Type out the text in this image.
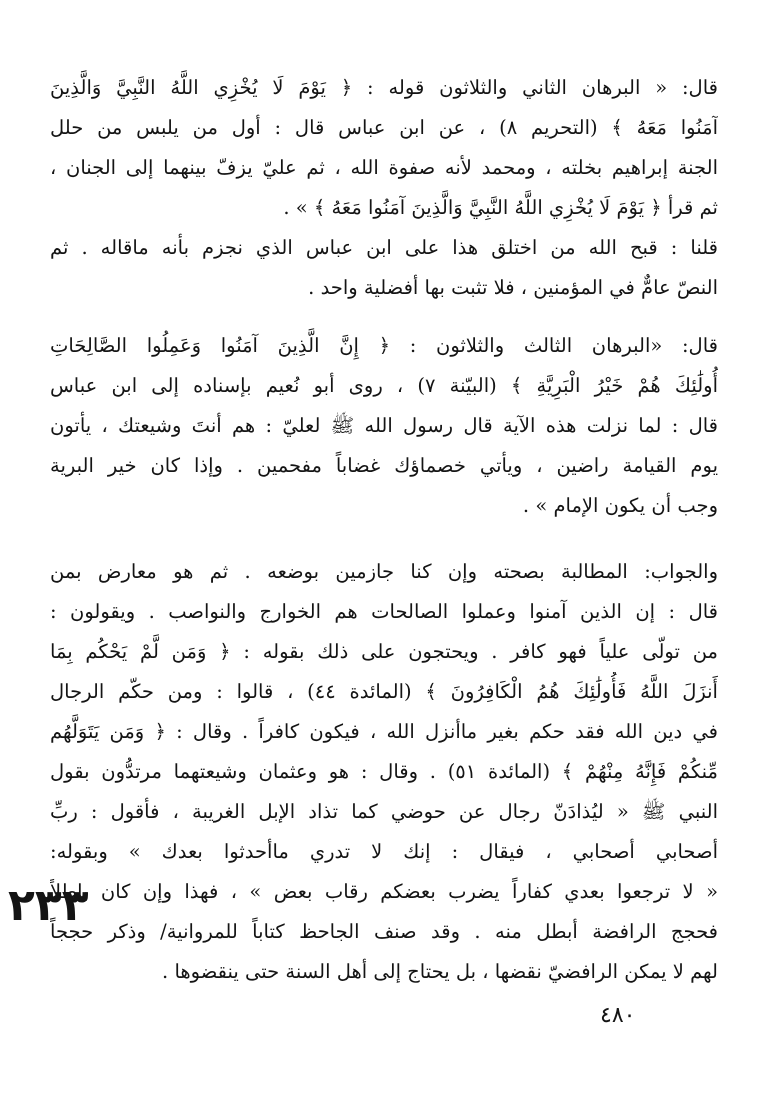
قال: « البرهان الثاني والثلاثون قوله : ﴿ يَوْمَ لَا يُخْزِي اللَّهُ النَّبِيَّ وَالَّذِينَ
آمَنُوا مَعَهُ ﴾ (التحريم ٨) ، عن ابن عباس قال : أول من يلبس من حلل
الجنة إبراهيم بخلته ، ومحمد لأنه صفوة الله ، ثم عليّ يزفّ بينهما إلى الجنان ،
ثم قرأ ﴿ يَوْمَ لَا يُخْزِي اللَّهُ النَّبِيَّ وَالَّذِينَ آمَنُوا مَعَهُ ﴾ » .
قلنا : قبح الله من اختلق هذا على ابن عباس الذي نجزم بأنه ماقاله . ثم
النصّ عامٌّ في المؤمنين ، فلا تثبت بها أفضلية واحد .
قال: «البرهان الثالث والثلاثون : ﴿ إِنَّ الَّذِينَ آمَنُوا وَعَمِلُوا الصَّالِحَاتِ
أُولَٰئِكَ هُمْ خَيْرُ الْبَرِيَّةِ ﴾ (البيّنة ٧) ، روى أبو نُعيم بإسناده إلى ابن عباس
قال : لما نزلت هذه الآية قال رسول الله ﷺ لعليّ : هم أنتَ وشيعتك ، يأتون
يوم القيامة راضين ، ويأتي خصماؤك غضاباً مفحمين . وإذا كان خير البرية
وجب أن يكون الإمام » .
والجواب: المطالبة بصحته وإن كنا جازمين بوضعه . ثم هو معارض بمن
قال : إن الذين آمنوا وعملوا الصالحات هم الخوارج والنواصب . ويقولون :
من تولّى علياً فهو كافر . ويحتجون على ذلك بقوله : ﴿ وَمَن لَّمْ يَحْكُم بِمَا
أَنزَلَ اللَّهُ فَأُولَٰئِكَ هُمُ الْكَافِرُونَ ﴾ (المائدة ٤٤) ، قالوا : ومن حكّم الرجال
في دين الله فقد حكم بغير ماأنزل الله ، فيكون كافراً . وقال : ﴿ وَمَن يَتَوَلَّهُم
مِّنكُمْ فَإِنَّهُ مِنْهُمْ ﴾ (المائدة ٥١) . وقال : هو وعثمان وشيعتهما مرتدُّون بقول
النبي ﷺ « ليُذادَنّ رجال عن حوضي كما تذاد الإبل الغريبة ، فأقول : ربِّ
أصحابي أصحابي ، فيقال : إنك لا تدري ماأحدثوا بعدك » وبقوله:
« لا ترجعوا بعدي كفاراً يضرب بعضكم رقاب بعض » ، فهذا وإن كان باطلاً
فحجج الرافضة أبطل منه . وقد صنف الجاحظ كتاباً للمروانية/ وذكر حججاً
لهم لا يمكن الرافضيّ نقضها ، بل يحتاج إلى أهل السنة حتى ينقضوها .
٢٣٣
٤٨٠
